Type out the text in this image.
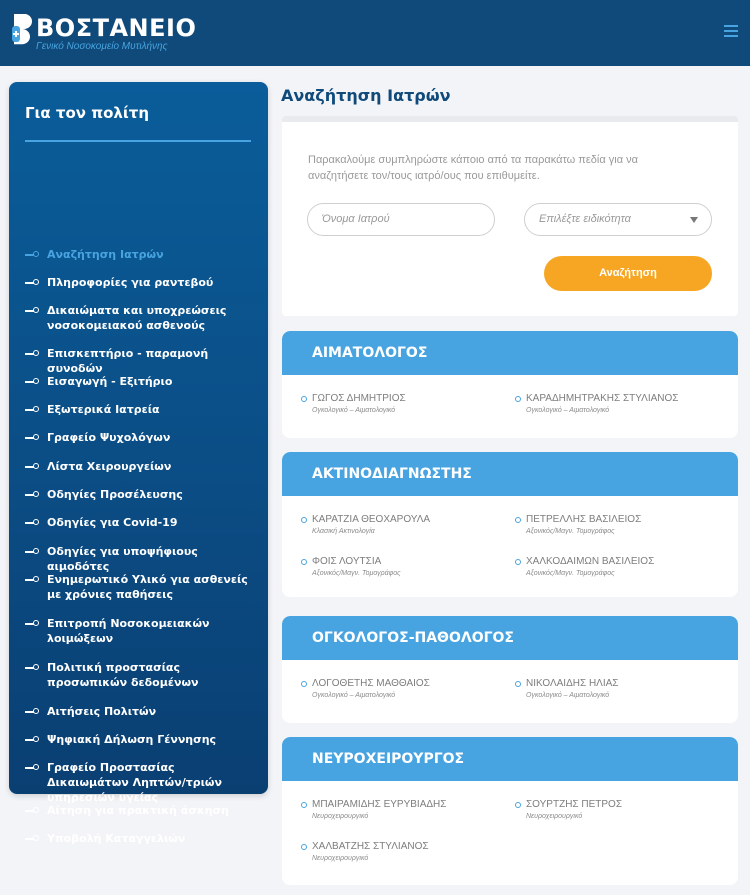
ΒΟΣΤΑΝΕΙΟ
Γενικό Νοσοκομείο Μυτιλήνης
Για τον πολίτη
Αναζήτηση Ιατρών
Πληροφορίες για ραντεβού
Δικαιώματα και υποχρεώσεις νοσοκομειακού ασθενούς
Επισκεπτήριο - παραμονή συνοδών
Εισαγωγή - Εξιτήριο
Εξωτερικά Ιατρεία
Γραφείο Ψυχολόγων
Λίστα Χειρουργείων
Οδηγίες Προσέλευσης
Οδηγίες για Covid-19
Οδηγίες για υποψήφιους αιμοδότες
Ενημερωτικό Υλικό για ασθενείς με χρόνιες παθήσεις
Επιτροπή Νοσοκομειακών λοιμώξεων
Πολιτική προστασίας προσωπικών δεδομένων
Αιτήσεις Πολιτών
Ψηφιακή Δήλωση Γέννησης
Γραφείο Προστασίας Δικαιωμάτων Ληπτών/τριών υπηρεσιών υγείας
Αίτηση για πρακτική άσκηση
Υποβολή Καταγγελιών
Αναζήτηση Ιατρών
Παρακαλούμε συμπληρώστε κάποιο από τα παρακάτω πεδία για να αναζητήσετε τον/τους ιατρό/ους που επιθυμείτε.
Όνομα Ιατρού	Επιλέξτε ειδικότητα
Αναζήτηση
ΑΙΜΑΤΟΛΟΓΟΣ
ΓΩΓΟΣ ΔΗΜΗΤΡΙΟΣ
Ογκολογικό – Αιματολογικό
ΚΑΡΑΔΗΜΗΤΡΑΚΗΣ ΣΤΥΛΙΑΝΟΣ
Ογκολογικό – Αιματολογικό
ΑΚΤΙΝΟΔΙΑΓΝΩΣΤΗΣ
ΚΑΡΑΤΖΙΑ ΘΕΟΧΑΡΟΥΛΑ
Κλασική Ακτινολογία
ΠΕΤΡΕΛΛΗΣ ΒΑΣΙΛΕΙΟΣ
Αξονικός/Μαγν. Τομογράφος
ΦΟΙΣ ΛΟΥΤΣΙΑ
Αξονικός/Μαγν. Τομογράφος
ΧΑΛΚΟΔΑΙΜΩΝ ΒΑΣΙΛΕΙΟΣ
Αξονικός/Μαγν. Τομογράφος
ΟΓΚΟΛΟΓΟΣ-ΠΑΘΟΛΟΓΟΣ
ΛΟΓΟΘΕΤΗΣ ΜΑΘΘΑΙΟΣ
Ογκολογικό – Αιματολογικό
ΝΙΚΟΛΑΙΔΗΣ ΗΛΙΑΣ
Ογκολογικό – Αιματολογικό
ΝΕΥΡΟΧΕΙΡΟΥΡΓΟΣ
ΜΠΑΙΡΑΜΙΔΗΣ ΕΥΡΥΒΙΑΔΗΣ
Νευροχειρουργικό
ΣΟΥΡΤΖΗΣ ΠΕΤΡΟΣ
Νευροχειρουργικό
ΧΑΛΒΑΤΖΗΣ ΣΤΥΛΙΑΝΟΣ
Νευροχειρουργικό
